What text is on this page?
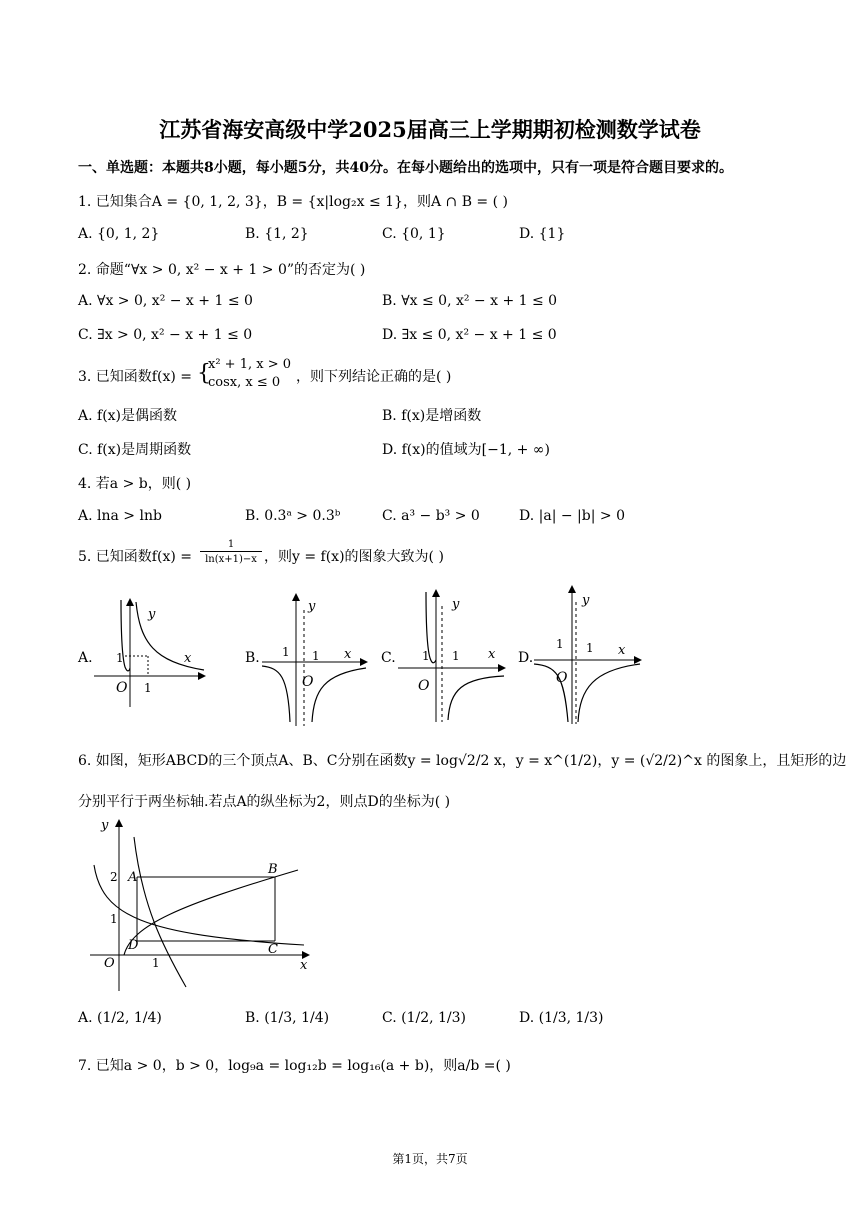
江苏省海安高级中学2025届高三上学期期初检测数学试卷
一、单选题：本题共8小题，每小题5分，共40分。在每小题给出的选项中，只有一项是符合题目要求的。
1. 已知集合A = {0, 1, 2, 3}，B = {x|log₂x ≤ 1}，则A ∩ B = ( )
A. {0, 1, 2}	B. {1, 2}	C. {0, 1}	D. {1}
2. 命题“∀x > 0, x² − x + 1 > 0”的否定为( )
A. ∀x > 0, x² − x + 1 ≤ 0	B. ∀x ≤ 0, x² − x + 1 ≤ 0
C. ∃x > 0, x² − x + 1 ≤ 0	D. ∃x ≤ 0, x² − x + 1 ≤ 0
3. 已知函数f(x) = {
x² + 1, x > 0
cosx, x ≤ 0 ，则下列结论正确的是( )
A. f(x)是偶函数	B. f(x)是增函数
C. f(x)是周期函数	D. f(x)的值域为[−1, + ∞)
4. 若a > b，则( )
A. lna > lnb	B. 0.3ᵃ > 0.3ᵇ	C. a³ − b³ > 0	D. |a| − |b| > 0
5. 已知函数f(x) =
1
ln(x+1)−x ，则y = f(x)的图象大致为( )
A.	B.	C.	D.
y
x
1
1
O
y
x
1 1
O
y
x
1 1
O
y
x
1 1
O
6. 如图，矩形ABCD的三个顶点A、B、C分别在函数y = log√2/2 x，y = x^(1/2)，y = (√2/2)^x 的图象上，且矩形的边
分别平行于两坐标轴.若点A的纵坐标为2，则点D的坐标为( )
y
x
2 A
B
C
D
1
1
O
A. (1/2, 1/4)	B. (1/3, 1/4)	C. (1/2, 1/3)	D. (1/3, 1/3)
7. 已知a > 0，b > 0，log₉a = log₁₂b = log₁₆(a + b)，则a/b =( )
第1页，共7页
